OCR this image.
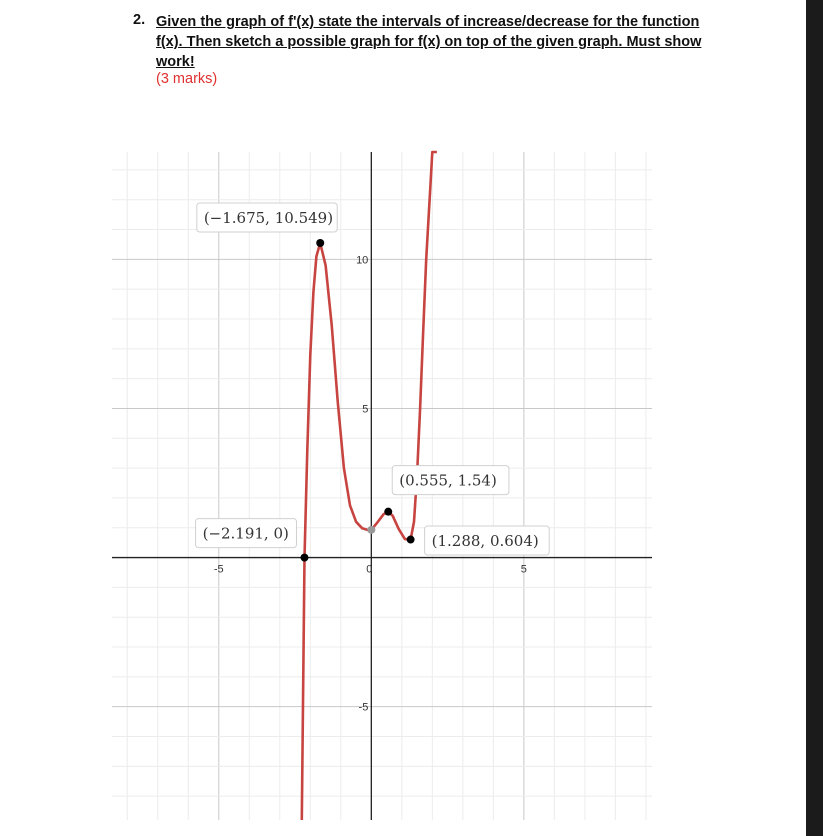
2. Given the graph of f'(x) state the intervals of increase/decrease for the function f(x). Then sketch a possible graph for f(x) on top of the given graph. Must show work!
(3 marks)
-5	0	5
10
5
-5
(−1.675, 10.549)
(−2.191, 0)
(0.555, 1.54)
(1.288, 0.604)
